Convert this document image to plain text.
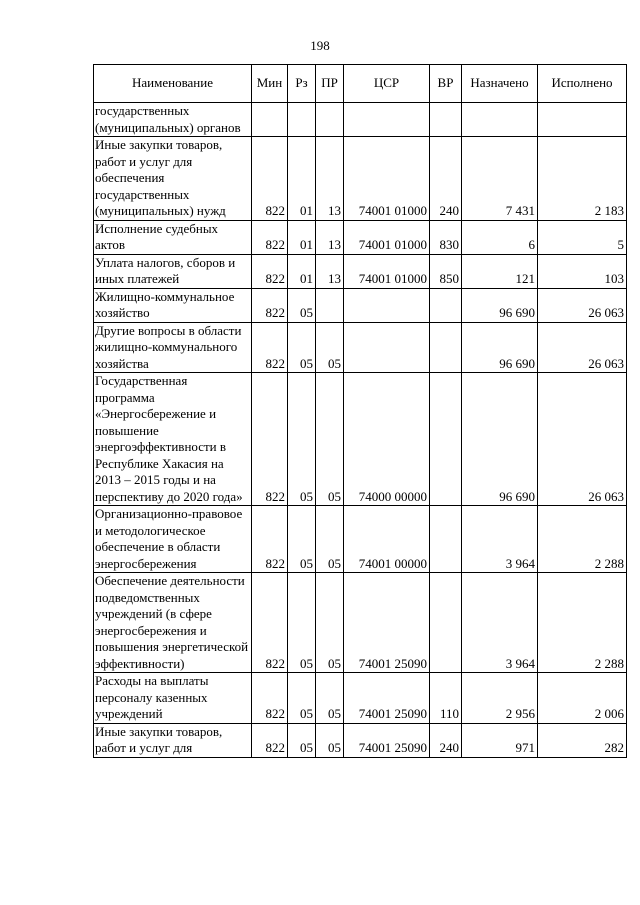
198
Наименование	Мин	Рз	ПР	ЦСР	ВР	Назначено	Исполнено
государственных (муниципальных) органов							
Иные закупки товаров, работ и услуг для обеспечения государственных (муниципальных) нужд	822	01	13	74001 01000	240	7 431	2 183
Исполнение судебных актов	822	01	13	74001 01000	830	6	5
Уплата налогов, сборов и иных платежей	822	01	13	74001 01000	850	121	103
Жилищно-коммунальное хозяйство	822	05				96 690	26 063
Другие вопросы в области жилищно-коммунального хозяйства	822	05	05			96 690	26 063
Государственная программа «Энергосбережение и повышение энергоэффективности в Республике Хакасия на 2013 – 2015 годы и на перспективу до 2020 года»	822	05	05	74000 00000		96 690	26 063
Организационно-правовое и методологическое обеспечение в области энергосбережения	822	05	05	74001 00000		3 964	2 288
Обеспечение деятельности подведомственных учреждений (в сфере энергосбережения и повышения энергетической эффективности)	822	05	05	74001 25090		3 964	2 288
Расходы на выплаты персоналу казенных учреждений	822	05	05	74001 25090	110	2 956	2 006
Иные закупки товаров, работ и услуг для	822	05	05	74001 25090	240	971	282
